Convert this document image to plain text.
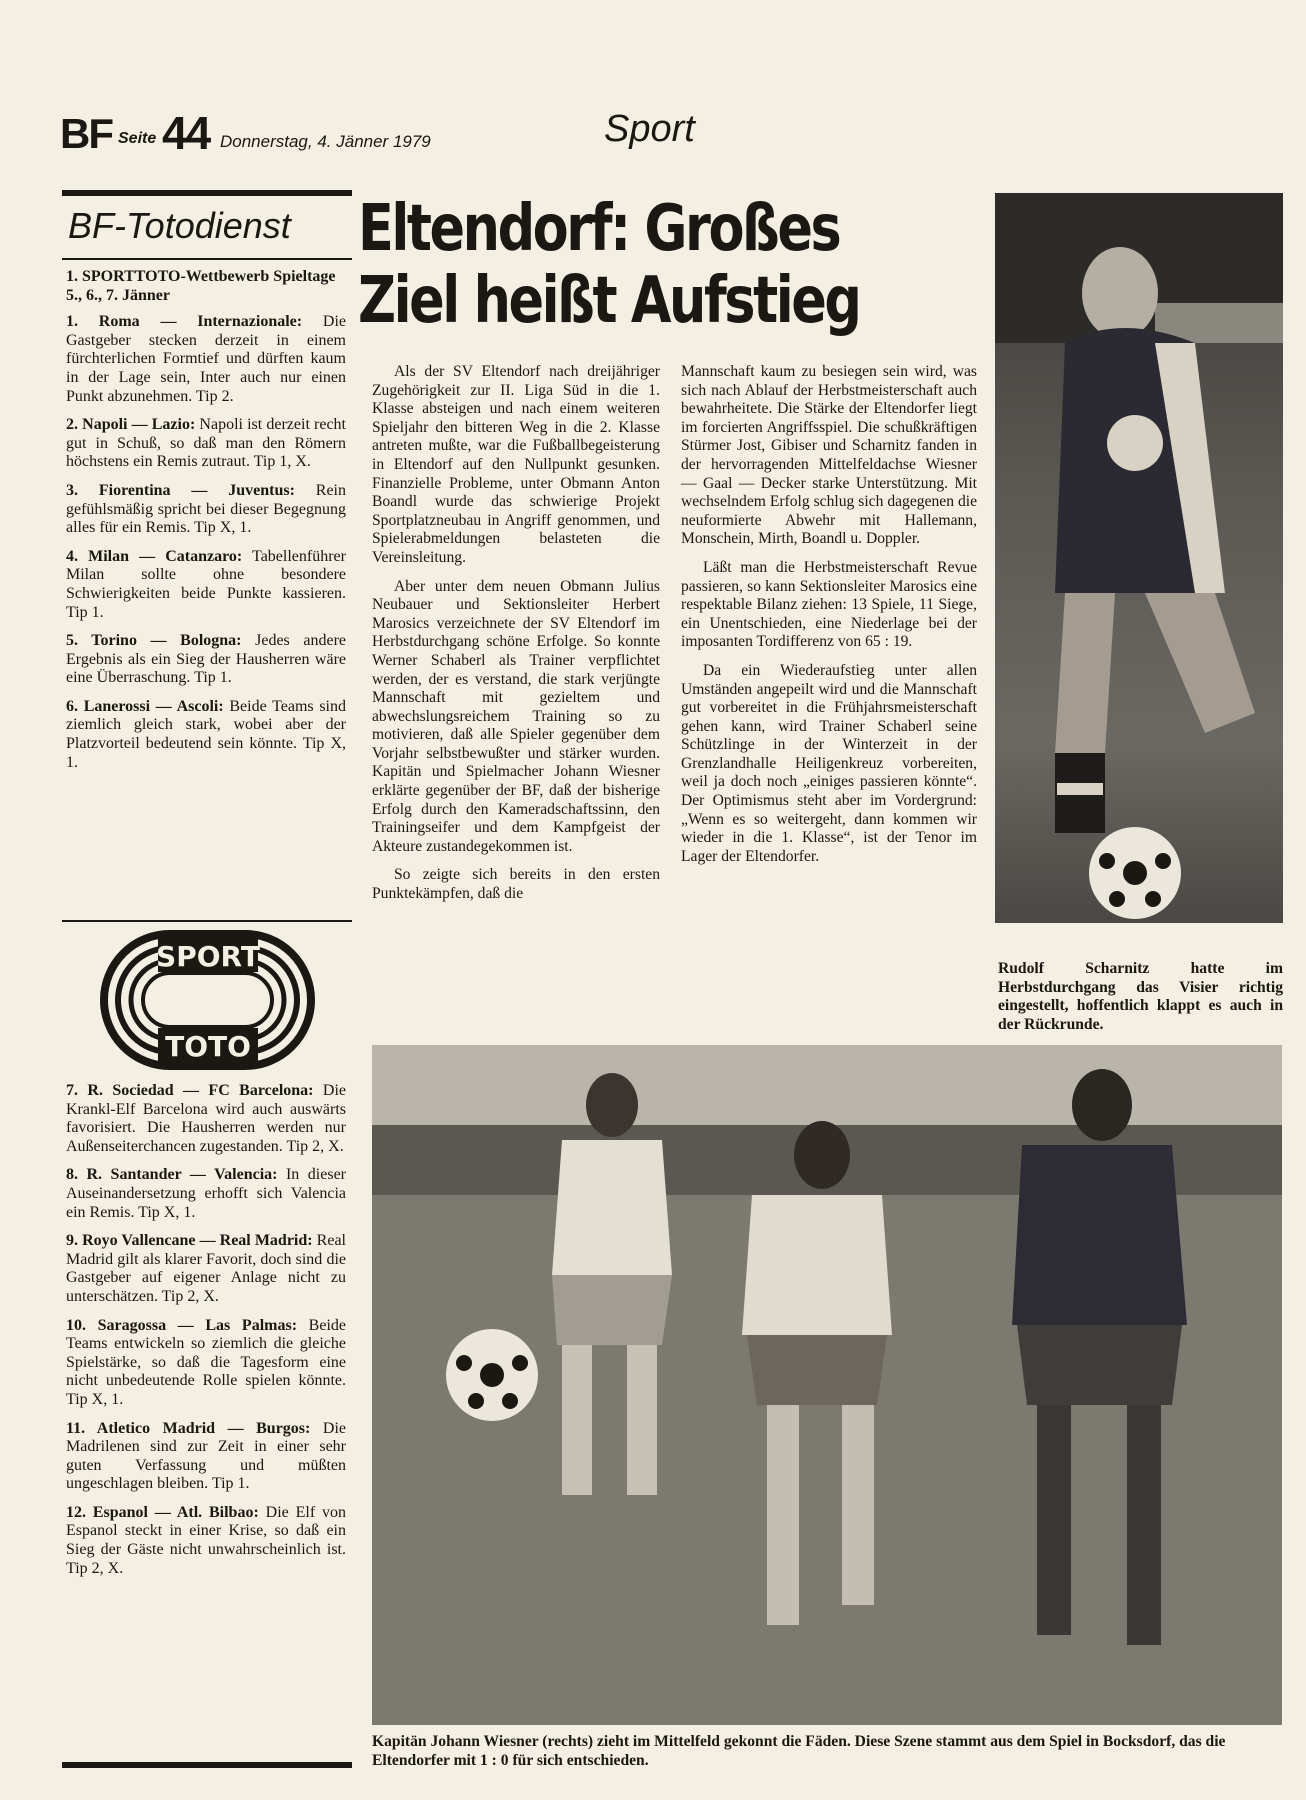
BF Seite 44 Donnerstag, 4. Jänner 1979	Sport
BF-Totodienst
1. SPORTTOTO-Wettbewerb Spieltage 5., 6., 7. Jänner

1. Roma — Internazionale: Die Gastgeber stecken derzeit in einem fürchterlichen Formtief und dürften kaum in der Lage sein, Inter auch nur einen Punkt abzunehmen. Tip 2.

2. Napoli — Lazio: Napoli ist derzeit recht gut in Schuß, so daß man den Römern höchstens ein Remis zutraut. Tip 1, X.

3. Fiorentina — Juventus: Rein gefühlsmäßig spricht bei dieser Begegnung alles für ein Remis. Tip X, 1.

4. Milan — Catanzaro: Tabellenführer Milan sollte ohne besondere Schwierigkeiten beide Punkte kassieren. Tip 1.

5. Torino — Bologna: Jedes andere Ergebnis als ein Sieg der Hausherren wäre eine Überraschung. Tip 1.

6. Lanerossi — Ascoli: Beide Teams sind ziemlich gleich stark, wobei aber der Platzvorteil bedeutend sein könnte. Tip X, 1.

SPORT
TOTO

7. R. Sociedad — FC Barcelona: Die Krankl-Elf Barcelona wird auch auswärts favorisiert. Die Hausherren werden nur Außenseiterchancen zugestanden. Tip 2, X.

8. R. Santander — Valencia: In dieser Auseinandersetzung erhofft sich Valencia ein Remis. Tip X, 1.

9. Royo Vallencane — Real Madrid: Real Madrid gilt als klarer Favorit, doch sind die Gastgeber auf eigener Anlage nicht zu unterschätzen. Tip 2, X.

10. Saragossa — Las Palmas: Beide Teams entwickeln so ziemlich die gleiche Spielstärke, so daß die Tagesform eine nicht unbedeutende Rolle spielen könnte. Tip X, 1.

11. Atletico Madrid — Burgos: Die Madrilenen sind zur Zeit in einer sehr guten Verfassung und müßten ungeschlagen bleiben. Tip 1.

12. Espanol — Atl. Bilbao: Die Elf von Espanol steckt in einer Krise, so daß ein Sieg der Gäste nicht unwahrscheinlich ist. Tip 2, X.

Eltendorf: Großes
Ziel heißt Aufstieg

Als der SV Eltendorf nach dreijähriger Zugehörigkeit zur II. Liga Süd in die 1. Klasse absteigen und nach einem weiteren Spieljahr den bitteren Weg in die 2. Klasse antreten mußte, war die Fußballbegeisterung in Eltendorf auf den Nullpunkt gesunken. Finanzielle Probleme, unter Obmann Anton Boandl wurde das schwierige Projekt Sportplatzneubau in Angriff genommen, und Spielerabmeldungen belasteten die Vereinsleitung.

Aber unter dem neuen Obmann Julius Neubauer und Sektionsleiter Herbert Marosics verzeichnete der SV Eltendorf im Herbstdurchgang schöne Erfolge. So konnte Werner Schaberl als Trainer verpflichtet werden, der es verstand, die stark verjüngte Mannschaft mit gezieltem und abwechslungsreichem Training so zu motivieren, daß alle Spieler gegenüber dem Vorjahr selbstbewußter und stärker wurden. Kapitän und Spielmacher Johann Wiesner erklärte gegenüber der BF, daß der bisherige Erfolg durch den Kameradschaftssinn, den Trainingseifer und dem Kampfgeist der Akteure zustandegekommen ist.

So zeigte sich bereits in den ersten Punktekämpfen, daß die

Mannschaft kaum zu besiegen sein wird, was sich nach Ablauf der Herbstmeisterschaft auch bewahrheitete. Die Stärke der Eltendorfer liegt im forcierten Angriffsspiel. Die schußkräftigen Stürmer Jost, Gibiser und Scharnitz fanden in der hervorragenden Mittelfeldachse Wiesner — Gaal — Decker starke Unterstützung. Mit wechselndem Erfolg schlug sich dagegenen die neuformierte Abwehr mit Hallemann, Monschein, Mirth, Boandl u. Doppler.

Läßt man die Herbstmeisterschaft Revue passieren, so kann Sektionsleiter Marosics eine respektable Bilanz ziehen: 13 Spiele, 11 Siege, ein Unentschieden, eine Niederlage bei der imposanten Tordifferenz von 65 : 19.

Da ein Wiederaufstieg unter allen Umständen angepeilt wird und die Mannschaft gut vorbereitet in die Frühjahrsmeisterschaft gehen kann, wird Trainer Schaberl seine Schützlinge in der Winterzeit in der Grenzlandhalle Heiligenkreuz vorbereiten, weil ja doch noch „einiges passieren könnte“. Der Optimismus steht aber im Vordergrund: „Wenn es so weitergeht, dann kommen wir wieder in die 1. Klasse“, ist der Tenor im Lager der Eltendorfer.

Rudolf Scharnitz hatte im Herbstdurchgang das Visier richtig eingestellt, hoffentlich klappt es auch in der Rückrunde.
Kapitän Johann Wiesner (rechts) zieht im Mittelfeld gekonnt die Fäden. Diese Szene stammt aus dem Spiel in Bocksdorf, das die Eltendorfer mit 1 : 0 für sich entschieden.
